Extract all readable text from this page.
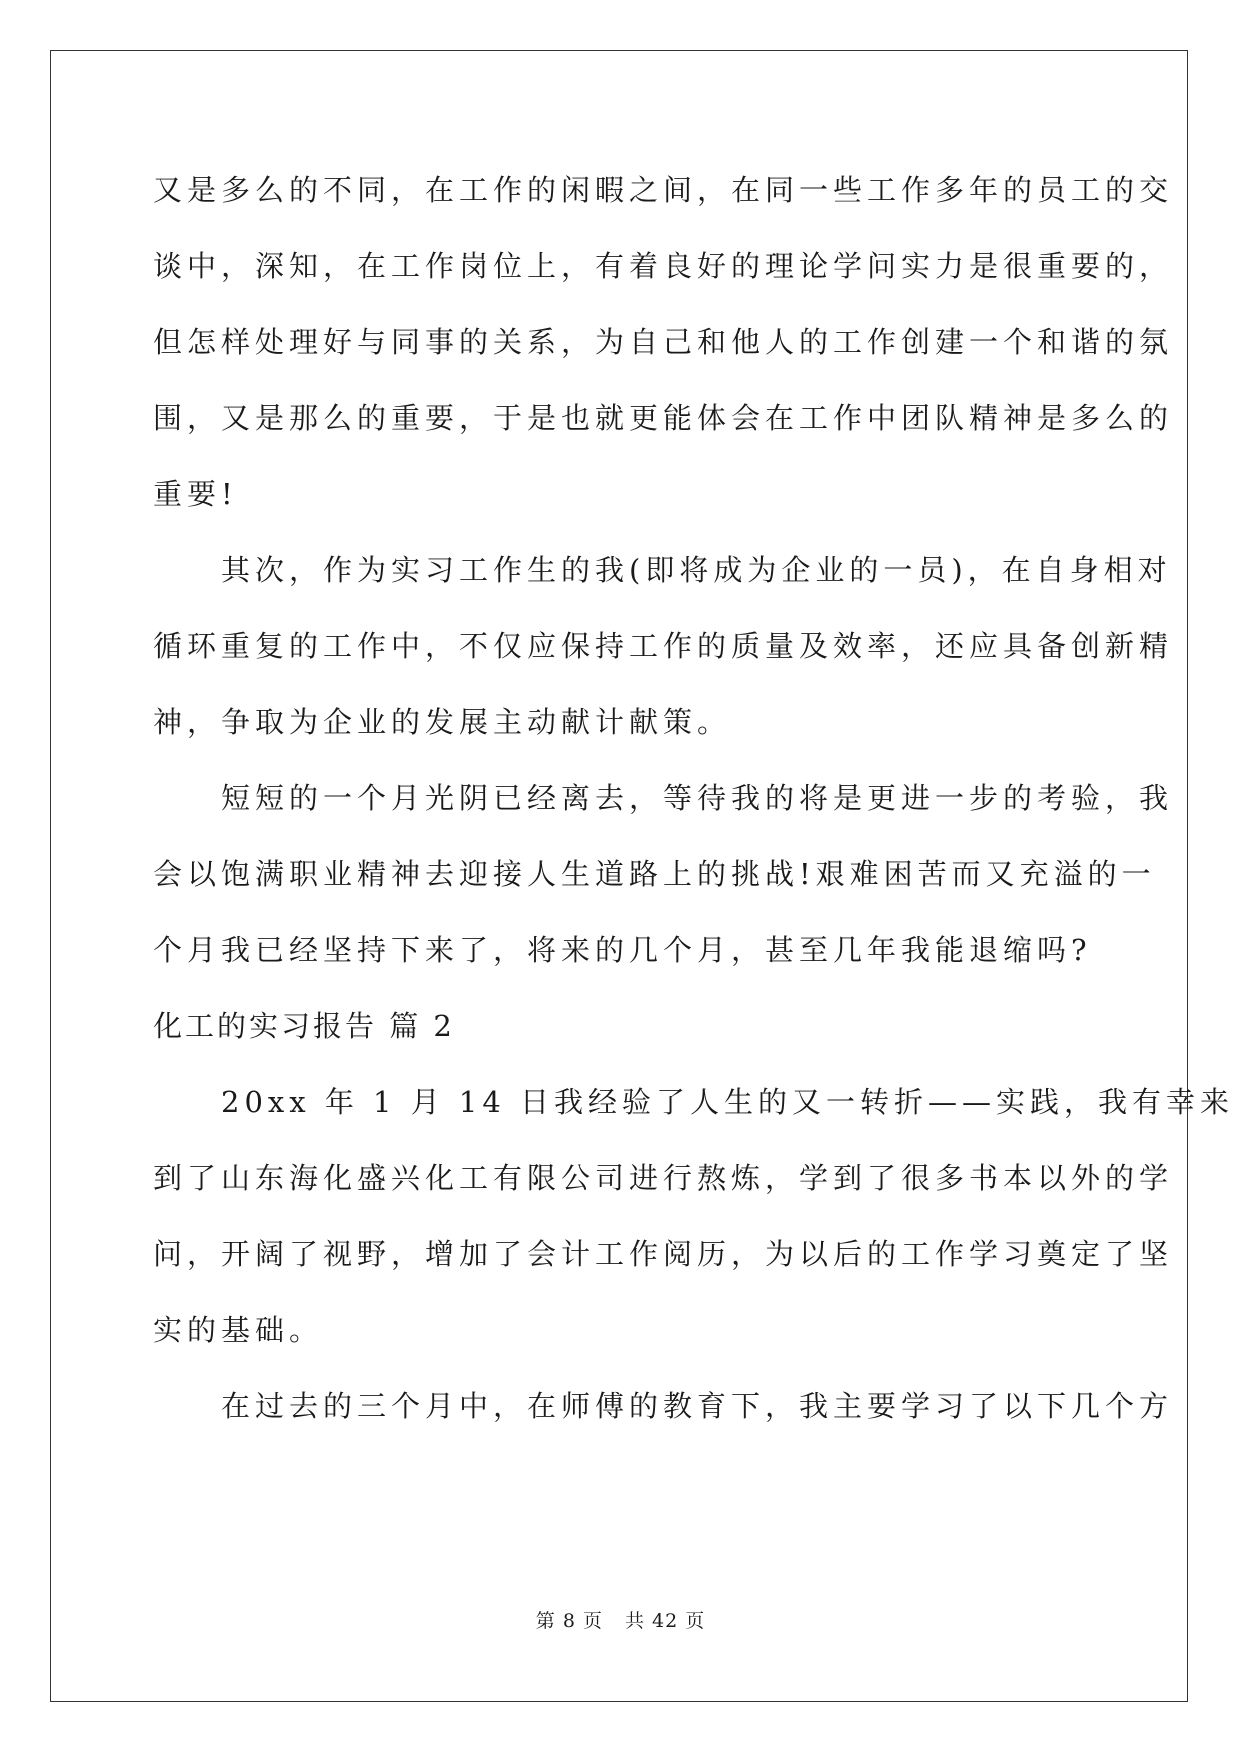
又是多么的不同，在工作的闲暇之间，在同一些工作多年的员工的交
谈中，深知，在工作岗位上，有着良好的理论学问实力是很重要的，
但怎样处理好与同事的关系，为自己和他人的工作创建一个和谐的氛
围，又是那么的重要，于是也就更能体会在工作中团队精神是多么的
重要!
　　其次，作为实习工作生的我(即将成为企业的一员)，在自身相对
循环重复的工作中，不仅应保持工作的质量及效率，还应具备创新精
神，争取为企业的发展主动献计献策。
　　短短的一个月光阴已经离去，等待我的将是更进一步的考验，我
会以饱满职业精神去迎接人生道路上的挑战!艰难困苦而又充溢的一
个月我已经坚持下来了，将来的几个月，甚至几年我能退缩吗?
化工的实习报告 篇 2
　　20xx 年 1 月 14 日我经验了人生的又一转折——实践，我有幸来
到了山东海化盛兴化工有限公司进行熬炼，学到了很多书本以外的学
问，开阔了视野，增加了会计工作阅历，为以后的工作学习奠定了坚
实的基础。
　　在过去的三个月中，在师傅的教育下，我主要学习了以下几个方
第 8 页 共 42 页
